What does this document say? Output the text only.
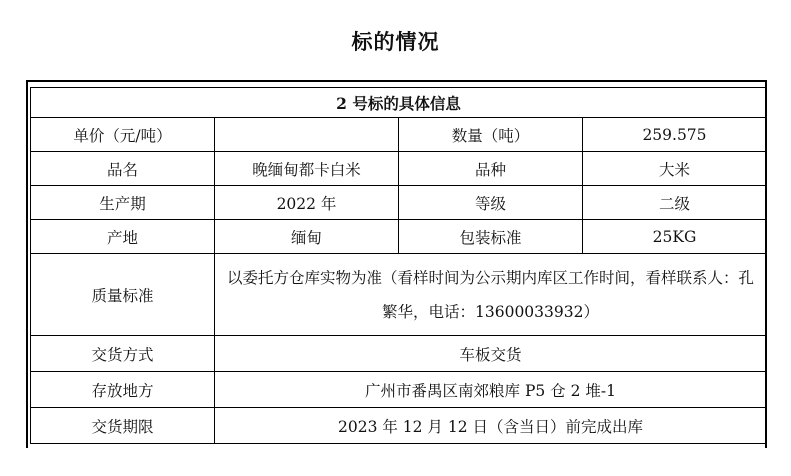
标的情况
2 号标的具体信息			
单价（元/吨）		数量（吨）	259.575
品名	晚缅甸都卡白米	品种	大米
生产期	2022 年	等级	二级
产地	缅甸	包装标准	25KG
质量标准	以委托方仓库实物为准（看样时间为公示期内库区工作时间，看样联系人：孔繁华，电话：13600033932）		
交货方式	车板交货		
存放地方	广州市番禺区南郊粮库 P5 仓 2 堆-1		
交货期限	2023 年 12 月 12 日（含当日）前完成出库		
